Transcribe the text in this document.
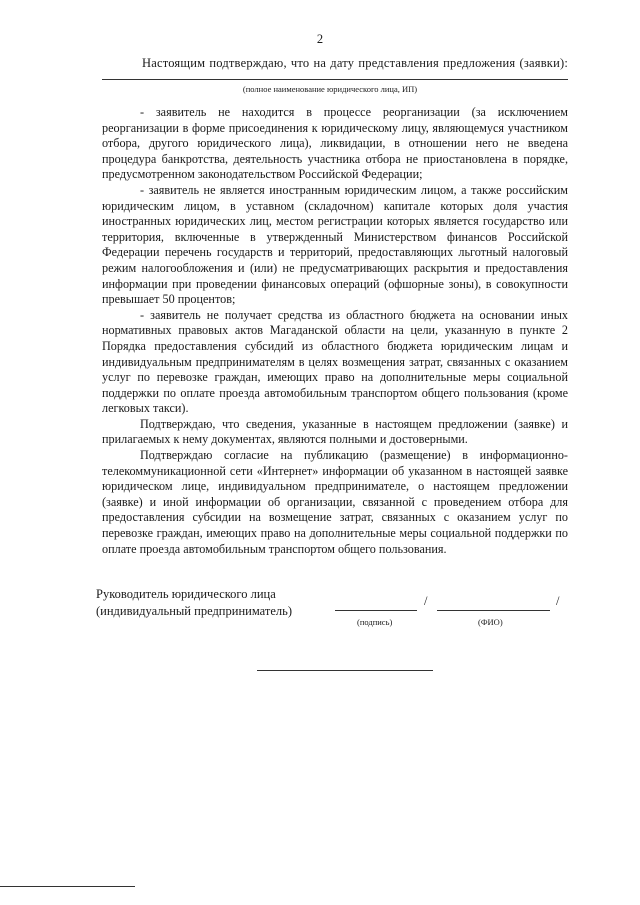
2
Настоящим подтверждаю, что на дату представления предложения (заявки):
(полное наименование юридического лица, ИП)

- заявитель не находится в процессе реорганизации (за исключением реорганизации в форме присоединения к юридическому лицу, являющемуся участником отбора, другого юридического лица), ликвидации, в отношении него не введена процедура банкротства, деятельность участника отбора не приостановлена в порядке, предусмотренном законодательством Российской Федерации;

- заявитель не является иностранным юридическим лицом, а также российским юридическим лицом, в уставном (складочном) капитале которых доля участия иностранных юридических лиц, местом регистрации которых является государство или территория, включенные в утвержденный Министерством финансов Российской Федерации перечень государств и территорий, предоставляющих льготный налоговый режим налогообложения и (или) не предусматривающих раскрытия и предоставления информации при проведении финансовых операций (офшорные зоны), в совокупности превышает 50 процентов;

- заявитель не получает средства из областного бюджета на основании иных нормативных правовых актов Магаданской области на цели, указанную в пункте 2 Порядка предоставления субсидий из областного бюджета юридическим лицам и индивидуальным предпринимателям в целях возмещения затрат, связанных с оказанием услуг по перевозке граждан, имеющих право на дополнительные меры социальной поддержки по оплате проезда автомобильным транспортом общего пользования (кроме легковых такси).

Подтверждаю, что сведения, указанные в настоящем предложении (заявке) и прилагаемых к нему документах, являются полными и достоверными.

Подтверждаю согласие на публикацию (размещение) в информационно-телекоммуникационной сети «Интернет» информации об указанном в настоящей заявке юридическом лице, индивидуальном предпринимателе, о настоящем предложении (заявке) и иной информации об организации, связанной с проведением отбора для предоставления субсидии на возмещение затрат, связанных с оказанием услуг по перевозке граждан, имеющих право на дополнительные меры социальной поддержки по оплате проезда автомобильным транспортом общего пользования.

Руководитель юридического лица
(индивидуальный предприниматель)
/	/
(подпись)	(ФИО)
